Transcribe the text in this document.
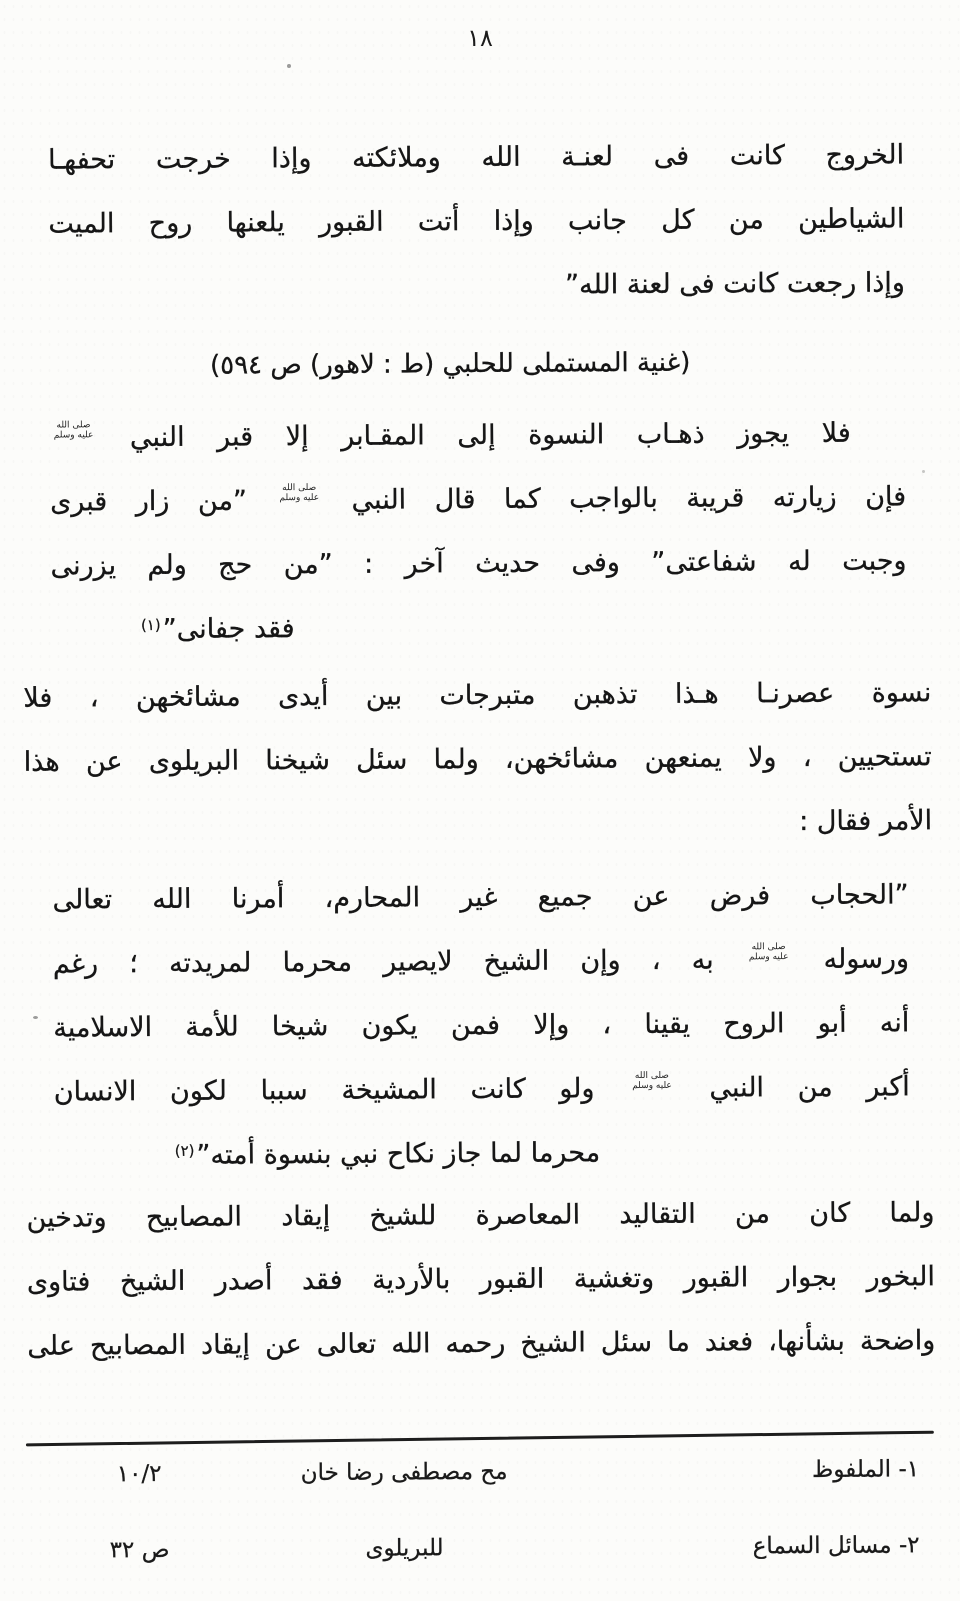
١٨
الخروج كانت فى لعنـة الله وملائكته وإذا خرجت تحفهـا
الشياطين من كل جانب وإذا أتت القبور يلعنها روح الميت
وإذا رجعت كانت فى لعنة الله”
(غنية المستملى للحلبي (ط : لاهور) ص ٥٩٤)
فلا يجوز ذهـاب النسوة إلى المقـابر إلا قبر النبي صلى الله
عليه وسلم
فإن زيارته قريبة بالواجب كما قال النبي صلى الله
عليه وسلم ”من زار قبرى
وجبت له شفاعتى” وفى حديث آخر : ”من حج ولم يزرنى
فقد جفانى”$^{(١)}$
نسوة عصرنـا هـذا تذهبن متبرجات بين أيدى مشائخهن ، فلا
تستحيين ، ولا يمنعهن مشائخهن، ولما سئل شيخنا البريلوى عن هذا
الأمر فقال :
”الحجاب فرض عن جميع غير المحارم، أمرنا الله تعالى
ورسوله صلى الله
عليه وسلم به ، وإن الشيخ لايصير محرما لمريدته ؛ رغم
أنه أبو الروح يقينا ، وإلا فمن يكون شيخا للأمة الاسلامية
أكبر من النبي صلى الله
عليه وسلم ولو كانت المشيخة سببا لكون الانسان
محرما لما جاز نكاح نبي بنسوة أمته”$^{(٢)}$
ولما كان من التقاليد المعاصرة للشيخ إيقاد المصابيح وتدخين
البخور بجوار القبور وتغشية القبور بالأردية فقد أصدر الشيخ فتاوى
واضحة بشأنها، فعند ما سئل الشيخ رحمه الله تعالى عن إيقاد المصابيح على
١- الملفوظ
مح مصطفى رضا خان
١٠/٢
٢- مسائل السماع
للبريلوى
ص ٣٢
